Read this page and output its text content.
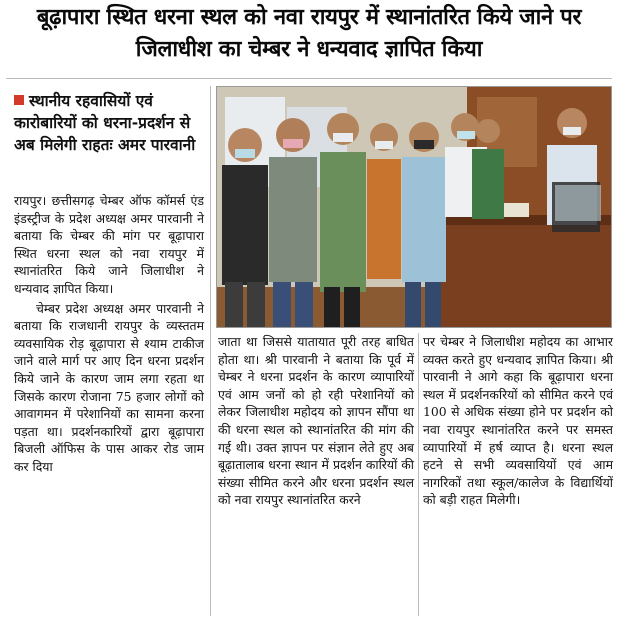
बूढ़ापारा स्थित धरना स्थल को नवा रायपुर में स्थानांतरित किये जाने पर जिलाधीश का चेम्बर ने धन्यवाद ज्ञापित किया
स्थानीय रहवासियों एवं कारोबारियों को धरना-प्रदर्शन से अब मिलेगी राहतः अमर पारवानी

रायपुर। छत्तीसगढ़ चेम्बर ऑफ कॉमर्स एंड इंडस्ट्रीज के प्रदेश अध्यक्ष अमर पारवानी ने बताया कि चेम्बर की मांग पर बूढ़ापारा स्थित धरना स्थल को नवा रायपुर में स्थानांतरित किये जाने जिलाधीश ने धन्यवाद ज्ञापित किया।

चेम्बर प्रदेश अध्यक्ष अमर पारवानी ने बताया कि राजधानी रायपुर के व्यस्ततम व्यवसायिक रोड़ बूढ़ापारा से श्याम टाकीज जाने वाले मार्ग पर आए दिन धरना प्रदर्शन किये जाने के कारण जाम लगा रहता था जिसके कारण रोजाना 75 हजार लोगों को आवागमन में परेशानियों का सामना करना पड़ता था। प्रदर्शनकारियों द्वारा बूढ़ापारा बिजली ऑफिस के पास आकर रोड जाम कर दिया

जाता था जिससे यातायात पूरी तरह बाधित होता था। श्री पारवानी ने बताया कि पूर्व में चेम्बर ने धरना प्रदर्शन के कारण व्यापारियों एवं आम जनों को हो रही परेशानियों को लेकर जिलाधीश महोदय को ज्ञापन सौंपा था की धरना स्थल को स्थानांतरित की मांग की गई थी। उक्त ज्ञापन पर संज्ञान लेते हुए अब बूढ़ातालाब धरना स्थान में प्रदर्शन कारियों की संख्या सीमित करने और धरना प्रदर्शन स्थल को नवा रायपुर स्थानांतरित करने

पर चेम्बर ने जिलाधीश महोदय का आभार व्यक्त करते हुए धन्यवाद ज्ञापित किया। श्री पारवानी ने आगे कहा कि बूढ़ापारा धरना स्थल में प्रदर्शनकरियों को सीमित करने एवं 100 से अधिक संख्या होने पर प्रदर्शन को नवा रायपुर स्थानांतरित करने पर समस्त व्यापारियों में हर्ष व्याप्त है। धरना स्थल हटने से सभी व्यवसायियों एवं आम नागरिकों तथा स्कूल/कालेज के विद्यार्थियों को बड़ी राहत मिलेगी।
